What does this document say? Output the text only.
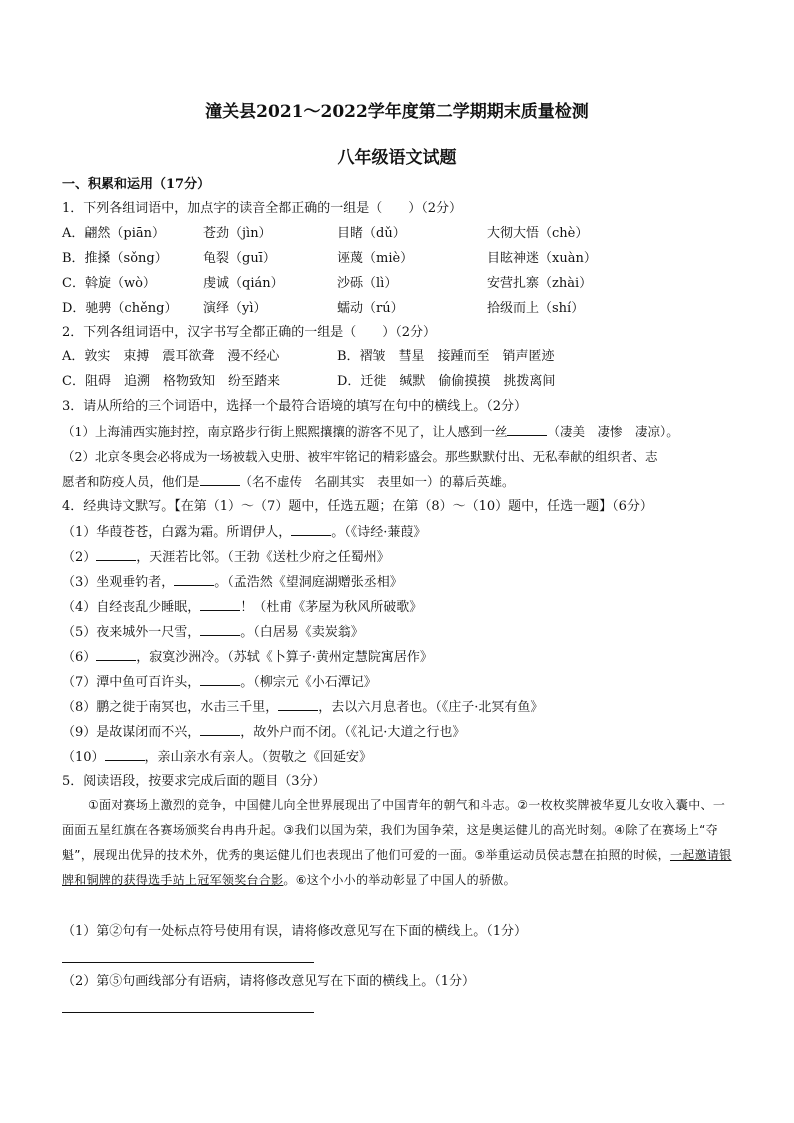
潼关县2021～2022学年度第二学期期末质量检测
八年级语文试题
一、积累和运用（17分）
1．下列各组词语中，加点字的读音全都正确的一组是（　　）（2分）
A．翩然（piān）	苍劲（jìn）	目睹（dǔ）	大彻大悟（chè）
B．推搡（sǒng）	龟裂（guī）	诬蔑（miè）	目眩神迷（xuàn）
C．斡旋（wò）	虔诚（qián）	沙砾（lì）	安营扎寨（zhài）
D．驰骋（chěng） 演绎（yì）	蠕动（rú）	拾级而上（shí）
2．下列各组词语中，汉字书写全都正确的一组是（　　）（2分）
A．敦实　束搏　震耳欲聋　漫不经心	B．褶皱　彗星　接踵而至　销声匿迹
C．阻碍　追溯　格物致知　纷至踏来	D．迁徙　缄默　偷偷摸摸　挑拨离间
3．请从所给的三个词语中，选择一个最符合语境的填写在句中的横线上。（2分）
（1）上海浦西实施封控，南京路步行街上熙熙攘攘的游客不见了，让人感到一丝	（凄美　凄惨　凄凉）。
（2）北京冬奥会必将成为一场被载入史册、被牢牢铭记的精彩盛会。那些默默付出、无私奉献的组织者、志
愿者和防疫人员，他们是	（名不虚传　名副其实　表里如一）的幕后英雄。
4．经典诗文默写。【在第（1）～（7）题中，任选五题；在第（8）～（10）题中，任选一题】（6分）
（1）华葭苍苍，白露为霜。所谓伊人，	。（《诗经·蒹葭》
（2）	，天涯若比邻。（王勃《送杜少府之任蜀州》
（3）坐观垂钓者，	。（孟浩然《望洞庭湖赠张丞相》
（4）自经丧乱少睡眠，	！（杜甫《茅屋为秋风所破歌》
（5）夜来城外一尺雪，	。（白居易《卖炭翁》
（6）	，寂寞沙洲冷。（苏轼《卜算子·黄州定慧院寓居作》
（7）潭中鱼可百许头，	。（柳宗元《小石潭记》
（8）鹏之徙于南冥也，水击三千里，	，去以六月息者也。（《庄子·北冥有鱼》
（9）是故谋闭而不兴，	，故外户而不闭。（《礼记·大道之行也》
（10）	，亲山亲水有亲人。（贺敬之《回延安》
5．阅读语段，按要求完成后面的题目（3分）
①面对赛场上激烈的竞争，中国健儿向全世界展现出了中国青年的朝气和斗志。②一枚枚奖牌被华夏儿女收入囊中、一面面五星红旗在各赛场颁奖台冉冉升起。③我们以国为荣，我们为国争荣，这是奥运健儿的高光时刻。④除了在赛场上“夺魁”，展现出优异的技术外，优秀的奥运健儿们也表现出了他们可爱的一面。⑤举重运动员侯志慧在拍照的时候，一起邀请银牌和铜牌的获得选手站上冠军领奖台合影。⑥这个小小的举动彰显了中国人的骄傲。
（1）第②句有一处标点符号使用有误，请将修改意见写在下面的横线上。（1分）
（2）第⑤句画线部分有语病，请将修改意见写在下面的横线上。（1分）
